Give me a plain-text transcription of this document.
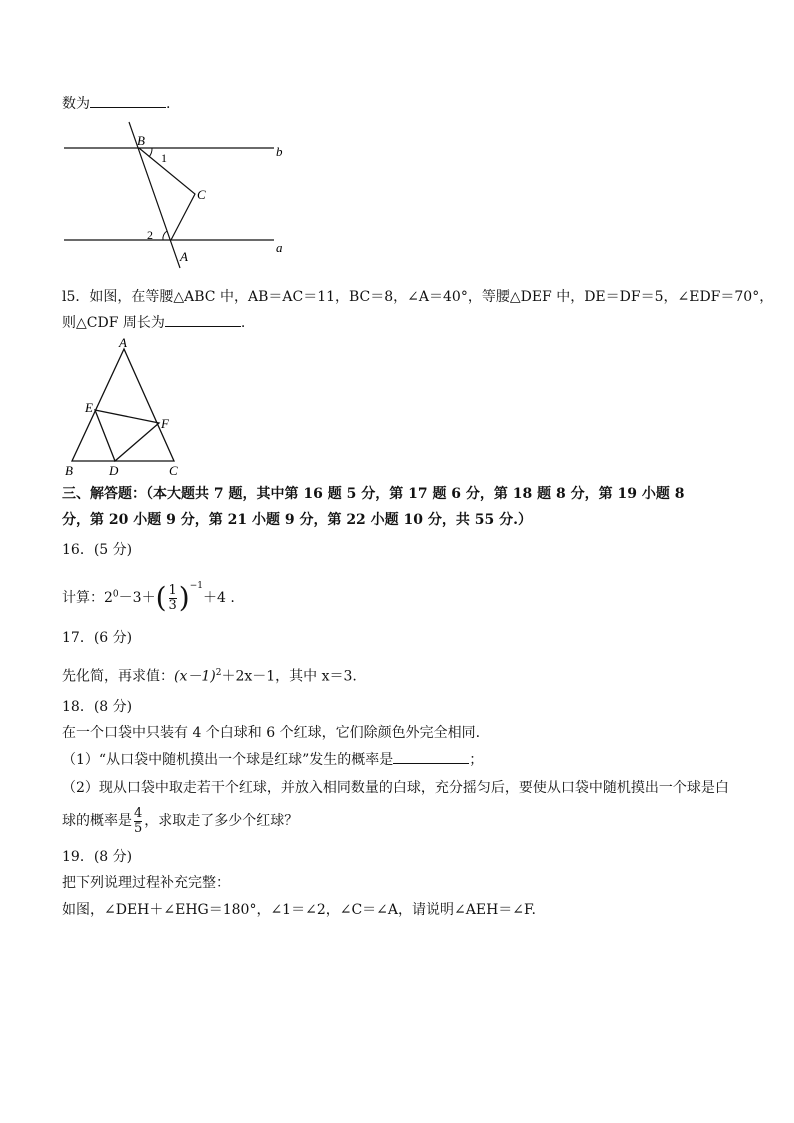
数为	.
B
1
C
2
A
b
a
l5．如图，在等腰△ABC 中，AB＝AC＝11，BC＝8，∠A＝40°，等腰△DEF 中，DE＝DF＝5，∠EDF＝70°，
则△CDF 周长为	.
A
E
F
B	D	C
三、解答题：（本大题共 7 题，其中第 16 题 5 分，第 17 题 6 分，第 18 题 8 分，第 19 小题 8
分，第 20 小题 9 分，第 21 小题 9 分，第 22 小题 10 分，共 55 分.）
16．(5 分)
计算：$2^0-3+( \frac{1}{3} )^{-1}+4$ .
17．(6 分)
先化简，再求值：$(x-1)^2+2x-1$，其中 x＝3.
18．(8 分)
在一个口袋中只装有 4 个白球和 6 个红球，它们除颜色外完全相同.
（1）“从口袋中随机摸出一个球是红球”发生的概率是	；
（2）现从口袋中取走若干个红球，并放入相同数量的白球，充分摇匀后，要使从口袋中随机摸出一个球是白
球的概率是 $\frac{4}{5}$ ，求取走了多少个红球？
19．(8 分)
把下列说理过程补充完整：
如图，∠DEH＋∠EHG＝180°，∠1＝∠2，∠C＝∠A，请说明∠AEH＝∠F.
